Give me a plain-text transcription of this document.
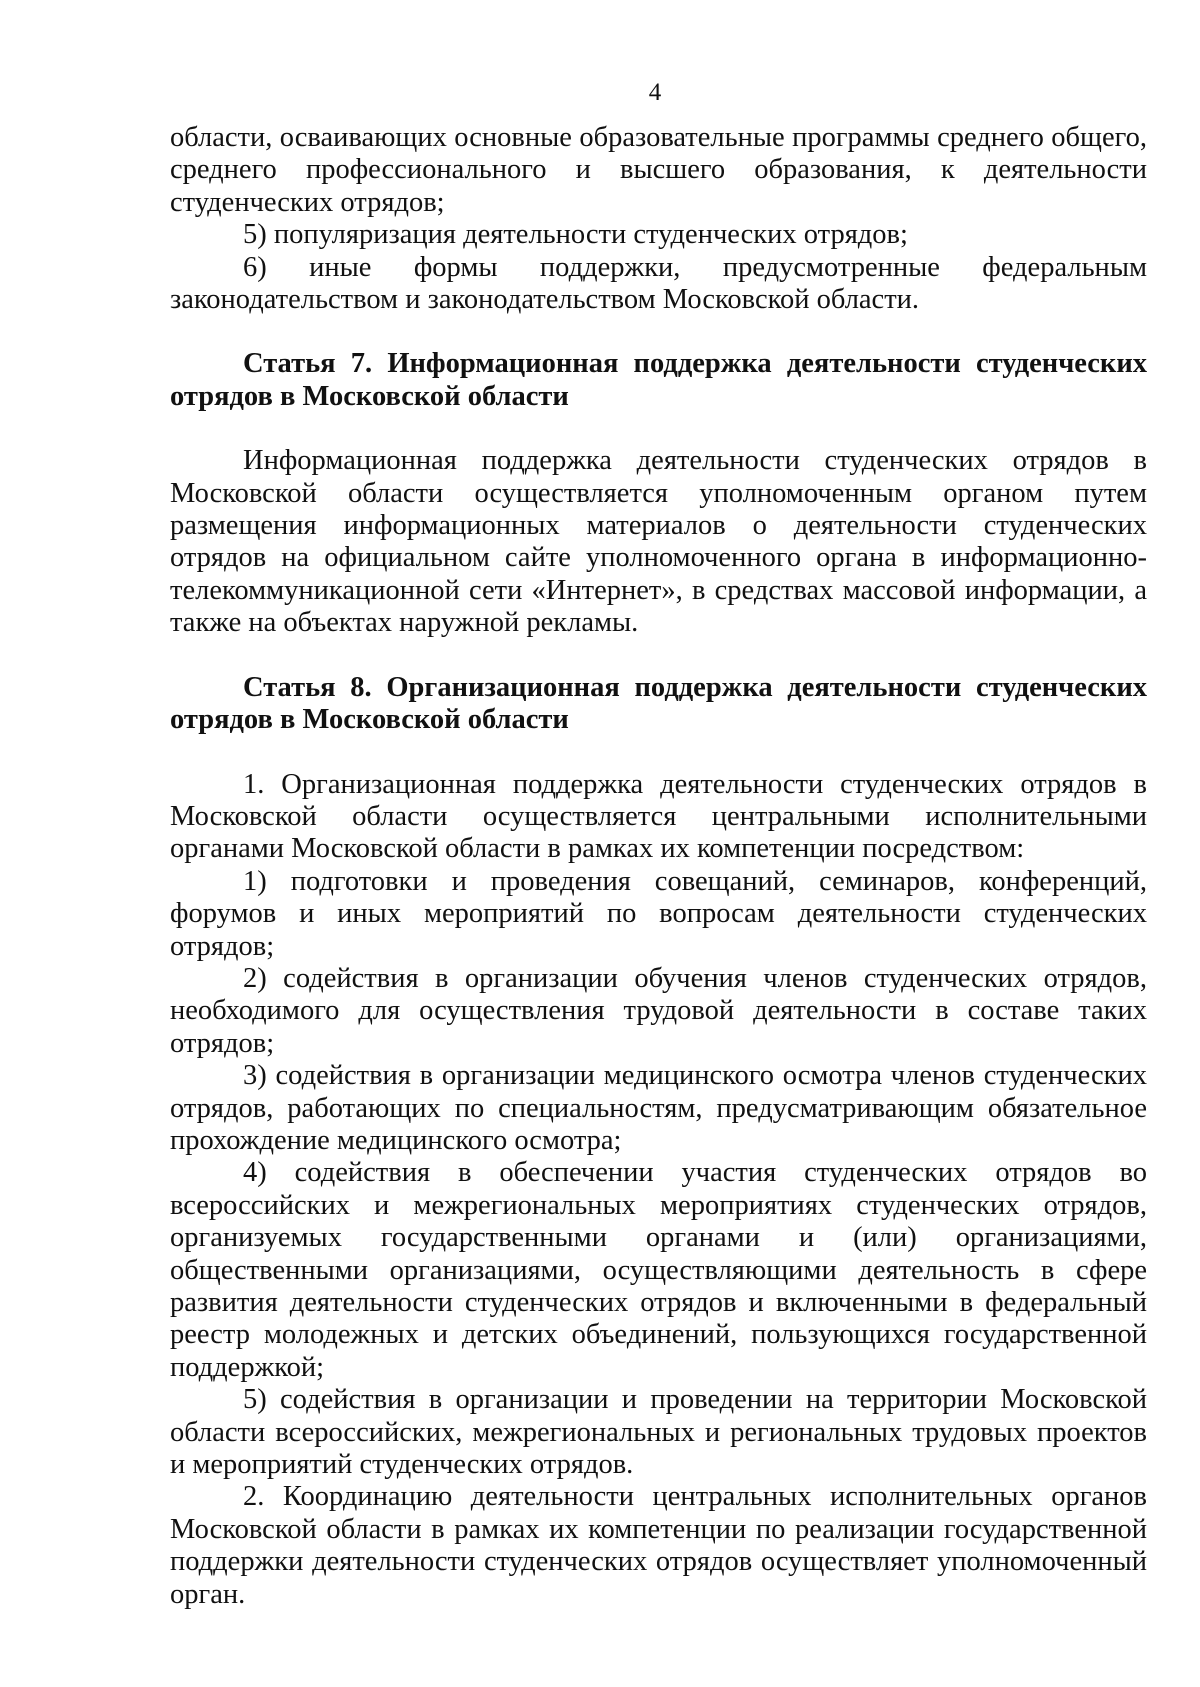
4

области, осваивающих основные образовательные программы среднего общего, среднего профессионального и высшего образования, к деятельности студенческих отрядов;

5) популяризация деятельности студенческих отрядов;

6) иные формы поддержки, предусмотренные федеральным законодательством и законодательством Московской области.

Статья 7. Информационная поддержка деятельности студенческих отрядов в Московской области

Информационная поддержка деятельности студенческих отрядов в Московской области осуществляется уполномоченным органом путем размещения информационных материалов о деятельности студенческих отрядов на официальном сайте уполномоченного органа в информационно-телекоммуникационной сети «Интернет», в средствах массовой информации, а также на объектах наружной рекламы.

Статья 8. Организационная поддержка деятельности студенческих отрядов в Московской области

1. Организационная поддержка деятельности студенческих отрядов в Московской области осуществляется центральными исполнительными органами Московской области в рамках их компетенции посредством:

1) подготовки и проведения совещаний, семинаров, конференций, форумов и иных мероприятий по вопросам деятельности студенческих отрядов;

2) содействия в организации обучения членов студенческих отрядов, необходимого для осуществления трудовой деятельности в составе таких отрядов;

3) содействия в организации медицинского осмотра членов студенческих отрядов, работающих по специальностям, предусматривающим обязательное прохождение медицинского осмотра;

4) содействия в обеспечении участия студенческих отрядов во всероссийских и межрегиональных мероприятиях студенческих отрядов, организуемых государственными органами и (или) организациями, общественными организациями, осуществляющими деятельность в сфере развития деятельности студенческих отрядов и включенными в федеральный реестр молодежных и детских объединений, пользующихся государственной поддержкой;

5) содействия в организации и проведении на территории Московской области всероссийских, межрегиональных и региональных трудовых проектов и мероприятий студенческих отрядов.

2. Координацию деятельности центральных исполнительных органов Московской области в рамках их компетенции по реализации государственной поддержки деятельности студенческих отрядов осуществляет уполномоченный орган.
